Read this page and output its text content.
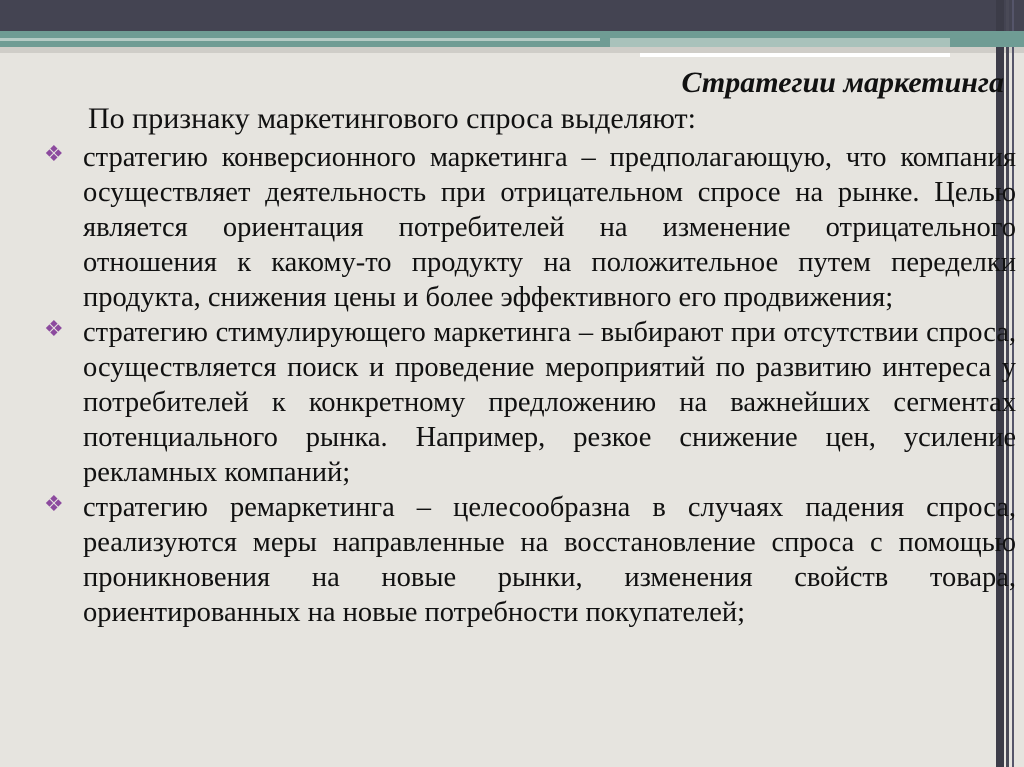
Стратегии маркетинга
По признаку маркетингового спроса выделяют:
❖ стратегию конверсионного маркетинга – предполагающую, что компания осуществляет деятельность при отрицательном спросе на рынке. Целью является ориентация потребителей на изменение отрицательного отношения к какому-то продукту на положительное путем переделки продукта, снижения цены и более эффективного его продвижения;
❖ стратегию стимулирующего маркетинга – выбирают при отсутствии спроса, осуществляется поиск и проведение мероприятий по развитию интереса у потребителей к конкретному предложению на важнейших сегментах потенциального рынка. Например, резкое снижение цен, усиление рекламных компаний;
❖ стратегию ремаркетинга – целесообразна в случаях падения спроса, реализуются меры направленные на восстановление спроса с помощью проникновения на новые рынки, изменения свойств товара, ориентированных на новые потребности покупателей;
